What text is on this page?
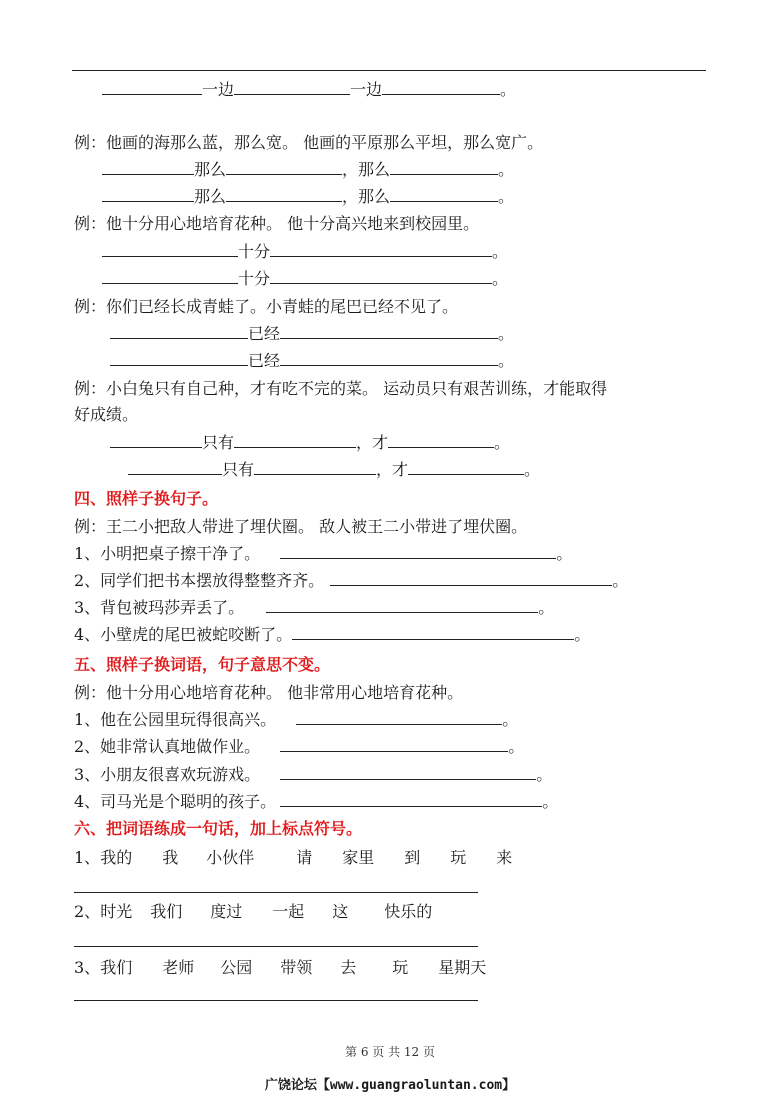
一边	一边	。
例：他画的海那么蓝，那么宽。 他画的平原那么平坦，那么宽广。
那么	，那么	。
那么	，那么	。
例：他十分用心地培育花种。 他十分高兴地来到校园里。
十分	。
十分	。
例：你们已经长成青蛙了。小青蛙的尾巴已经不见了。
已经	。
已经	。
例：小白兔只有自己种，才有吃不完的菜。 运动员只有艰苦训练，才能取得
好成绩。
只有	，才	。
只有	，才	。
四、照样子换句子。
例：王二小把敌人带进了埋伏圈。 敌人被王二小带进了埋伏圈。
1、小明把桌子擦干净了。	。
2、同学们把书本摆放得整整齐齐。	。
3、背包被玛莎弄丢了。	。
4、小壁虎的尾巴被蛇咬断了。	。
五、照样子换词语，句子意思不变。
例：他十分用心地培育花种。 他非常用心地培育花种。
1、他在公园里玩得很高兴。	。
2、她非常认真地做作业。	。
3、小朋友很喜欢玩游戏。	。
4、司马光是个聪明的孩子。	。
六、把词语练成一句话，加上标点符号。
1、我的 我 小伙伴	请 家里 到 玩 来
2、时光 我们 度过 一起 这 快乐的
3、我们 老师 公园 带领 去 玩 星期天
第 6 页 共 12 页
广饶论坛【www.guangraoluntan.com】
